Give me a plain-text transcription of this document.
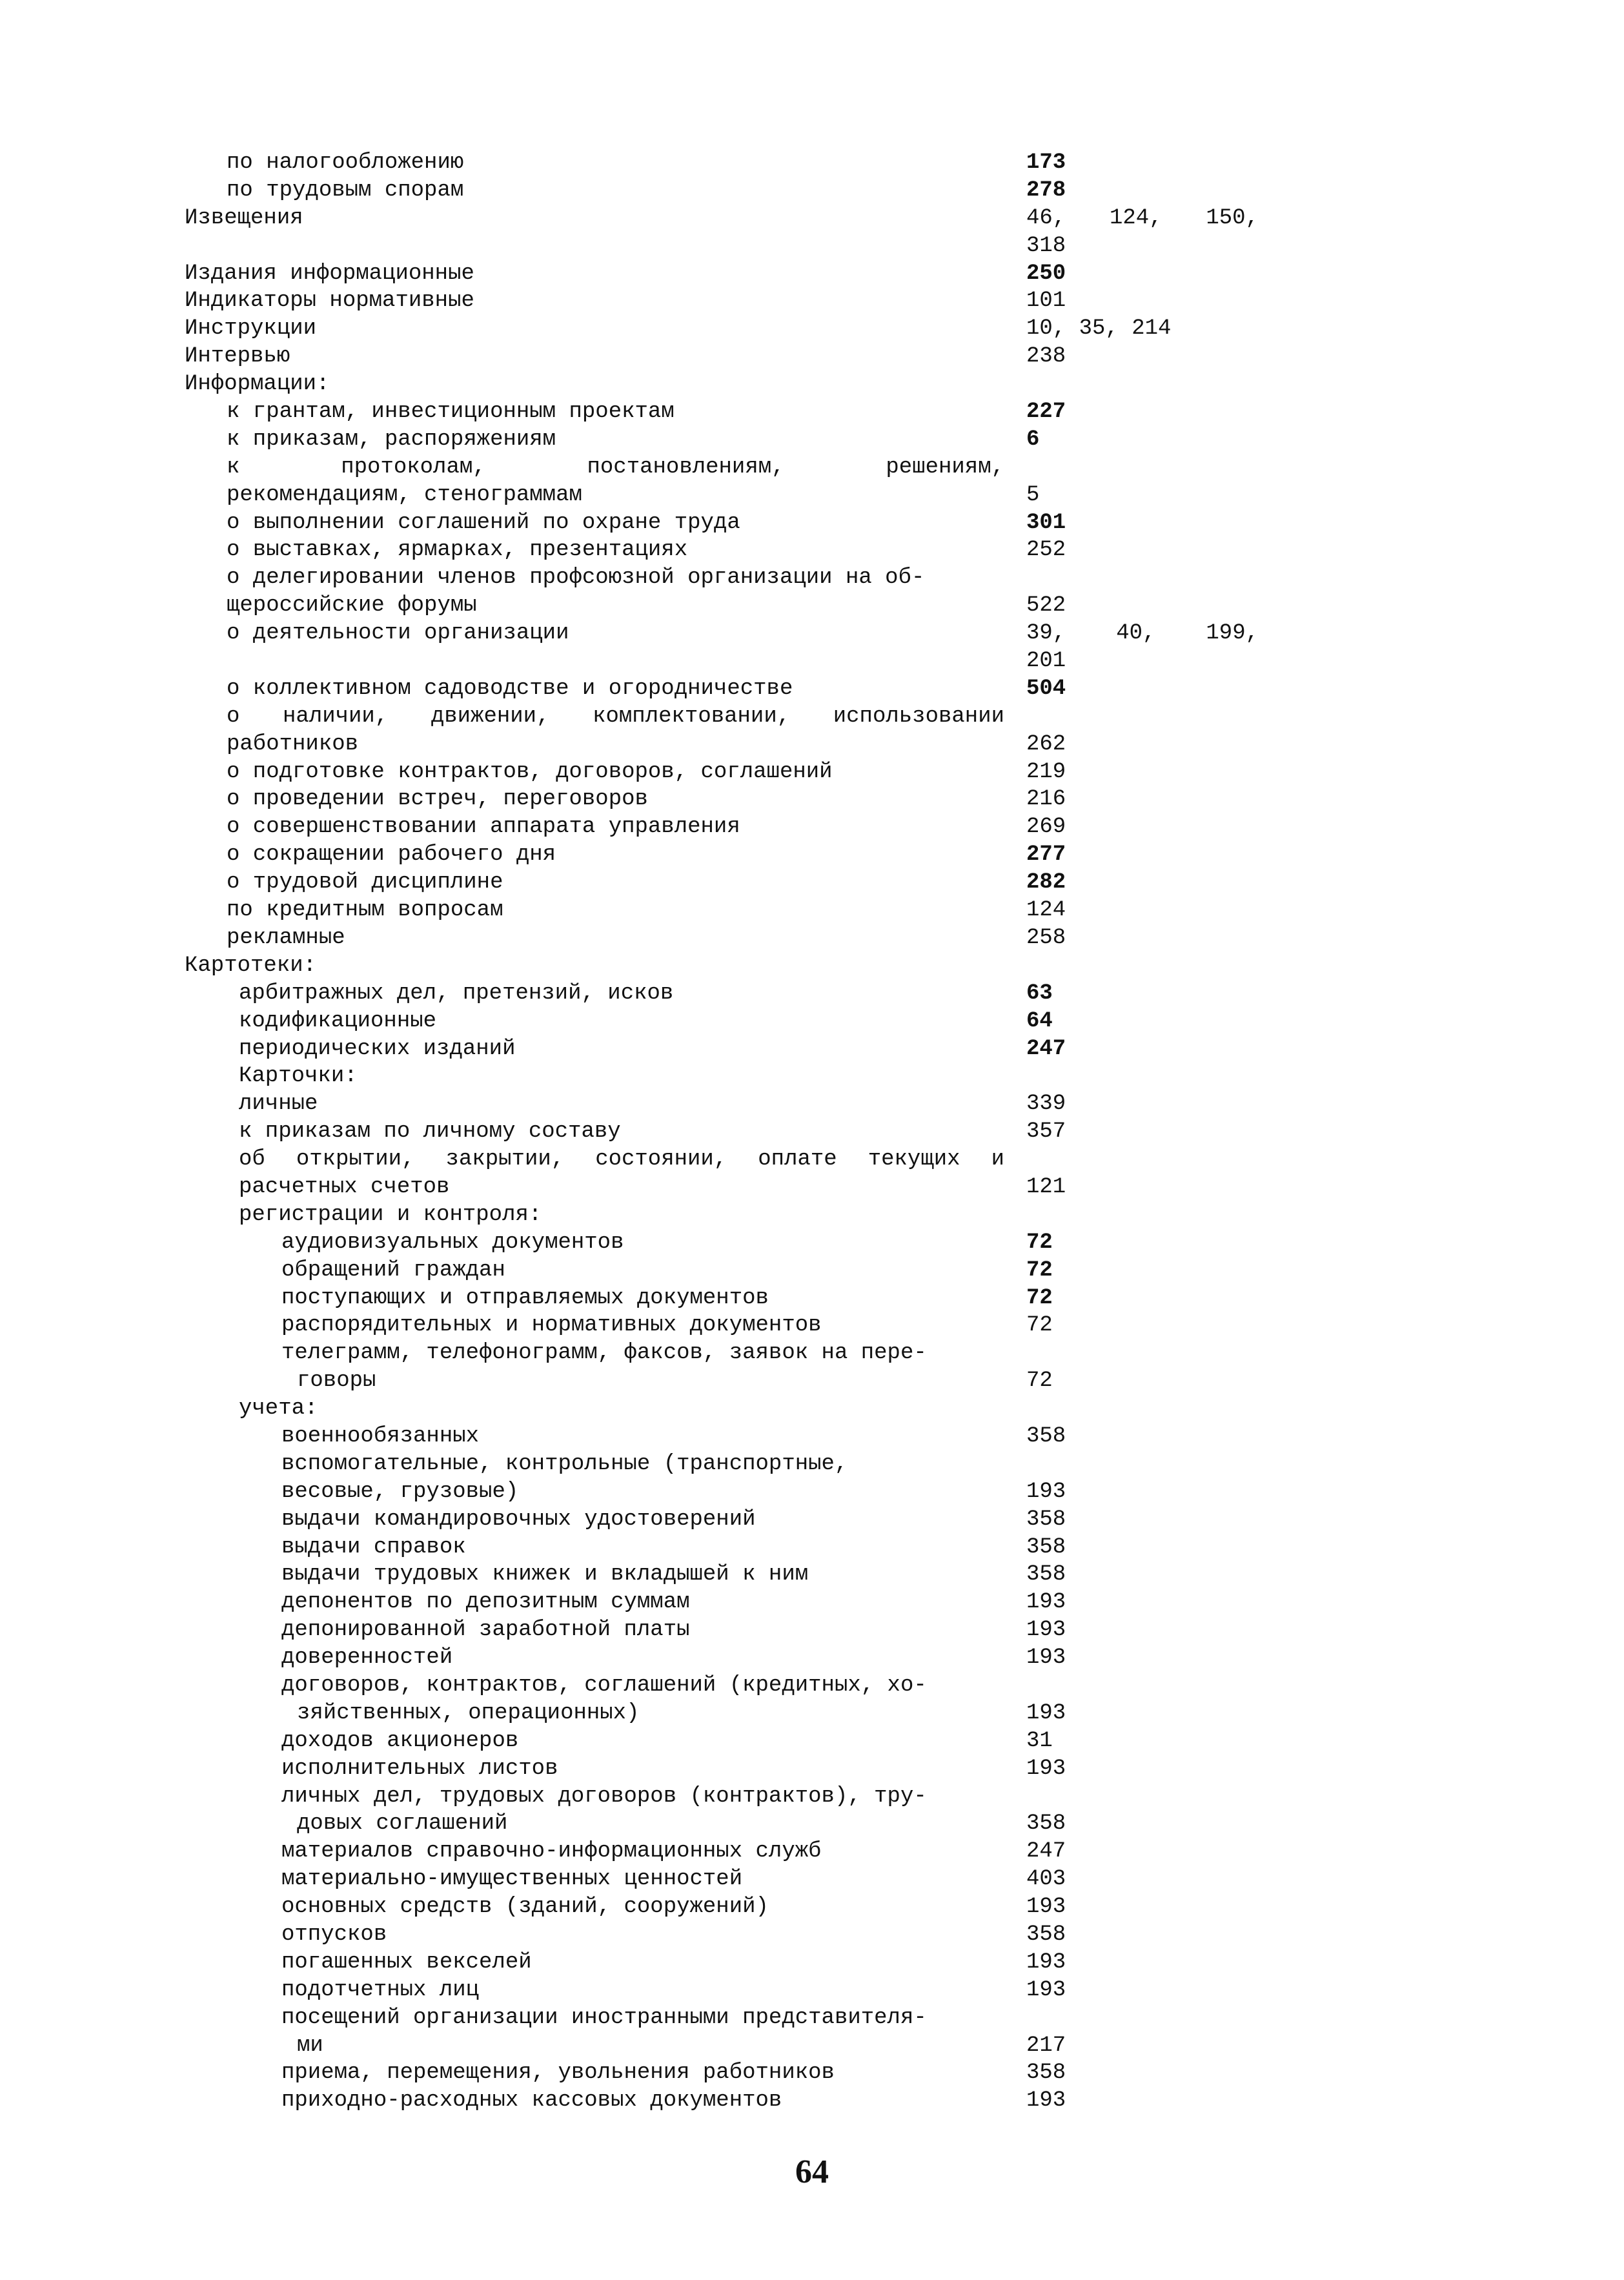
по налогообложению	173
по трудовым спорам	278
Извещения	46, 124, 150,
318
Издания информационные	250
Индикаторы нормативные	101
Инструкции	10, 35, 214
Интервью	238
Информации:
к грантам, инвестиционным проектам	227
к приказам, распоряжениям	6
к протоколам, постановлениям, решениям,
рекомендациям, стенограммам	5
о выполнении соглашений по охране труда	301
о выставках, ярмарках, презентациях	252
о делегировании членов профсоюзной организации на об-
щероссийские форумы	522
о деятельности организации	39, 40, 199,
201
о коллективном садоводстве и огородничестве	504
о наличии, движении, комплектовании, использовании
работников	262
о подготовке контрактов, договоров, соглашений	219
о проведении встреч, переговоров	216
о совершенствовании аппарата управления	269
о сокращении рабочего дня	277
о трудовой дисциплине	282
по кредитным вопросам	124
рекламные	258
Картотеки:
арбитражных дел, претензий, исков	63
кодификационные	64
периодических изданий	247
Карточки:
личные	339
к приказам по личному составу	357
об открытии, закрытии, состоянии, оплате текущих и
расчетных счетов	121
регистрации и контроля:
аудиовизуальных документов	72
обращений граждан	72
поступающих и отправляемых документов	72
распорядительных и нормативных документов	72
телеграмм, телефонограмм, факсов, заявок на пере-
говоры	72
учета:
военнообязанных	358
вспомогательные, контрольные (транспортные,
весовые, грузовые)	193
выдачи командировочных удостоверений	358
выдачи справок	358
выдачи трудовых книжек и вкладышей к ним	358
депонентов по депозитным суммам	193
депонированной заработной платы	193
доверенностей	193
договоров, контрактов, соглашений (кредитных, хо-
зяйственных, операционных)	193
доходов акционеров	31
исполнительных листов	193
личных дел, трудовых договоров (контрактов), тру-
довых соглашений	358
материалов справочно-информационных служб	247
материально-имущественных ценностей	403
основных средств (зданий, сооружений)	193
отпусков	358
погашенных векселей	193
подотчетных лиц	193
посещений организации иностранными представителя-
ми	217
приема, перемещения, увольнения работников	358
приходно-расходных кассовых документов	193
64
